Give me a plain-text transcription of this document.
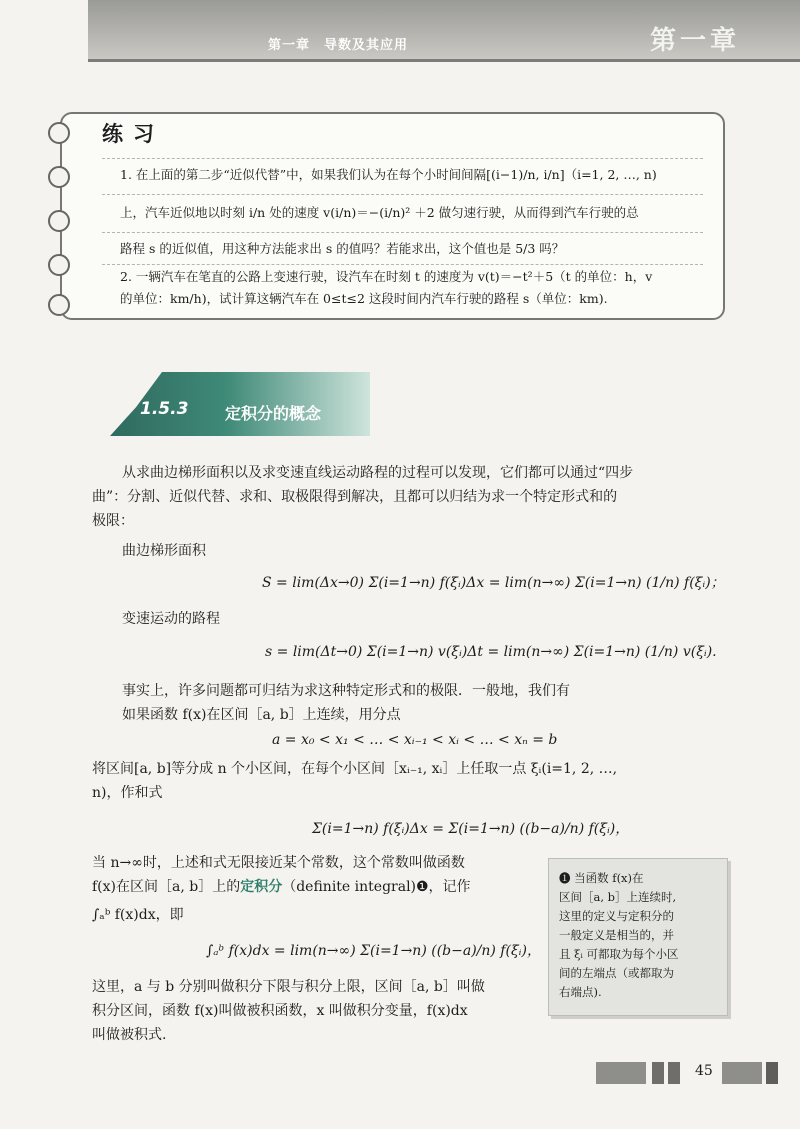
第一章　导数及其应用	第一章
练习
1. 在上面的第二步“近似代替”中，如果我们认为在每个小时间间隔[(i−1)/n, i/n]（i=1, 2, …, n)
上，汽车近似地以时刻 i/n 处的速度 v(i/n)＝−(i/n)² ＋2 做匀速行驶，从而得到汽车行驶的总
路程 s 的近似值，用这种方法能求出 s 的值吗？若能求出，这个值也是 5/3 吗？
2. 一辆汽车在笔直的公路上变速行驶，设汽车在时刻 t 的速度为 v(t)＝−t²＋5（t 的单位：h，v
的单位：km/h)，试计算这辆汽车在 0≤t≤2 这段时间内汽车行驶的路程 s（单位：km).
1.5.3 定积分的概念
从求曲边梯形面积以及求变速直线运动路程的过程可以发现，它们都可以通过“四步
曲”：分割、近似代替、求和、取极限得到解决，且都可以归结为求一个特定形式和的
极限：
曲边梯形面积
S = lim(Δx→0) Σ(i=1→n) f(ξᵢ)Δx = lim(n→∞) Σ(i=1→n) (1/n) f(ξᵢ)；
变速运动的路程
s = lim(Δt→0) Σ(i=1→n) v(ξᵢ)Δt = lim(n→∞) Σ(i=1→n) (1/n) v(ξᵢ).
事实上，许多问题都可归结为求这种特定形式和的极限．一般地，我们有
如果函数 f(x)在区间［a, b］上连续，用分点
a = x₀ < x₁ < … < xᵢ₋₁ < xᵢ < … < xₙ = b
将区间[a, b]等分成 n 个小区间，在每个小区间［xᵢ₋₁, xᵢ］上任取一点 ξᵢ(i=1, 2, …,
n)，作和式
Σ(i=1→n) f(ξᵢ)Δx = Σ(i=1→n) ((b−a)/n) f(ξᵢ)，
当 n→∞时，上述和式无限接近某个常数，这个常数叫做函数
f(x)在区间［a, b］上的定积分（definite integral)❶，记作
∫ₐᵇ f(x)dx，即
∫ₐᵇ f(x)dx = lim(n→∞) Σ(i=1→n) ((b−a)/n) f(ξᵢ)，
这里，a 与 b 分别叫做积分下限与积分上限，区间［a, b］叫做
积分区间，函数 f(x)叫做被积函数，x 叫做积分变量，f(x)dx
叫做被积式.
❶ 当函数 f(x)在
区间［a, b］上连续时,
这里的定义与定积分的
一般定义是相当的，并
且 ξᵢ 可都取为每个小区
间的左端点（或都取为
右端点).
45
